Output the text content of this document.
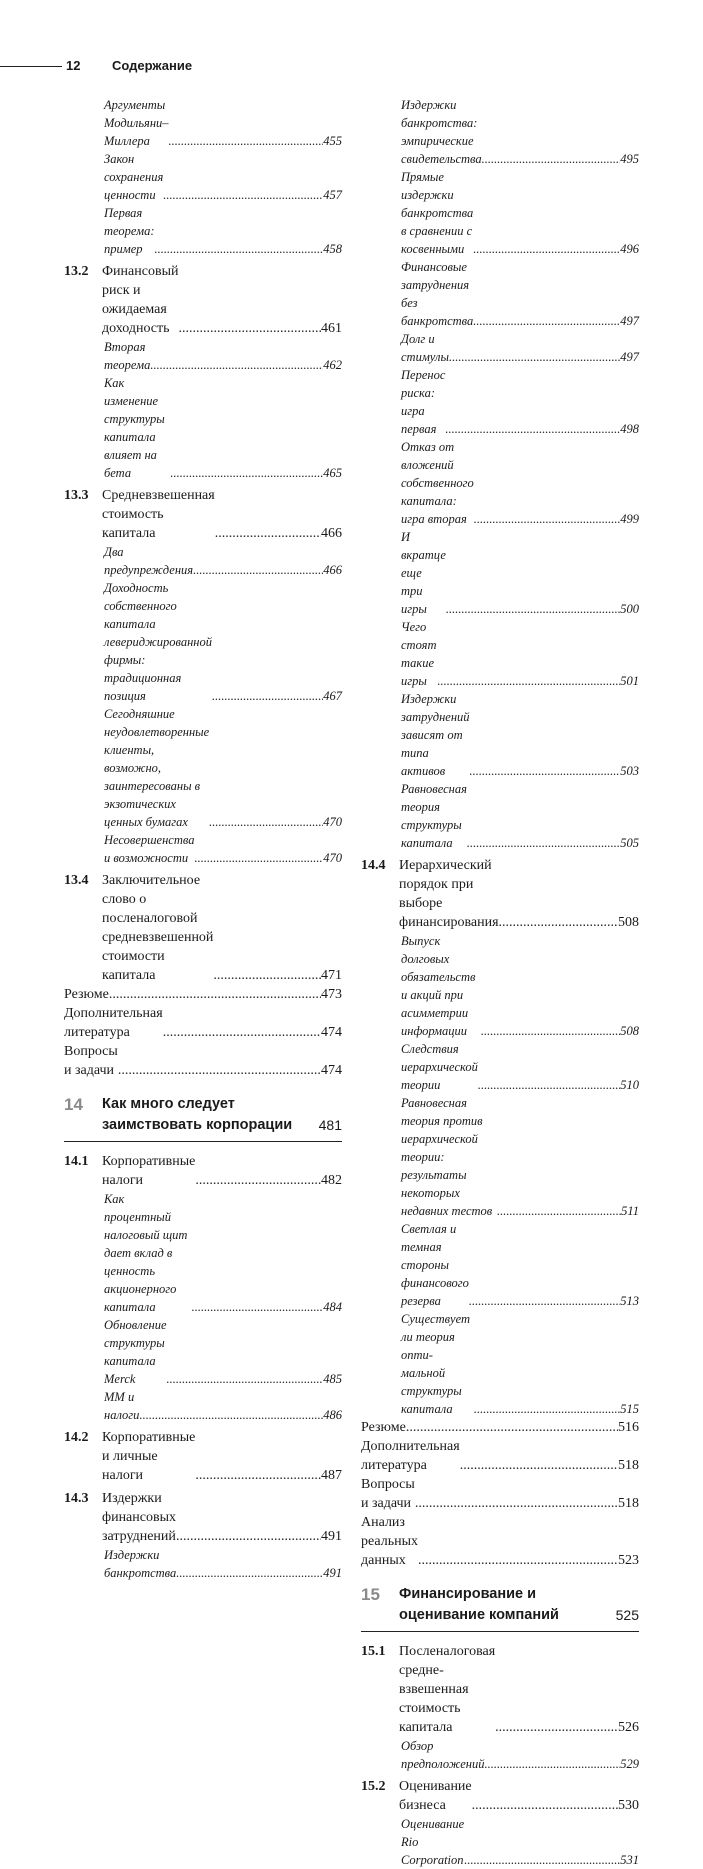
12 Содержание
Аргументы Модильяни–Миллера .....	455
Закон сохранения ценности .....	457
Первая теорема: пример .....	458
13.2 Финансовый риск и ожидаемая доходность .....	461
Вторая теорема .....	462
Как изменение структуры капитала влияет на бета .....	465
13.3 Средневзвешенная стоимость капитала .....	466
Два предупреждения .....	466
Доходность собственного капитала левериджированной фирмы: традиционная позиция .....	467
Сегодняшние неудовлетворенные клиенты, возможно, заинтересованы в экзотических ценных бумагах .....	470
Несовершенства и возможности .....	470
13.4 Заключительное слово о посленалоговой средневзвешенной стоимости капитала .....	471
Резюме .....	473
Дополнительная литература .....	474
Вопросы и задачи .....	474
14	Как много следует заимствовать корпорации	481
14.1 Корпоративные налоги .....	482
Как процентный налоговый щит дает вклад в ценность акционерного капитала .....	484
Обновление структуры капитала Merck .....	485
ММ и налоги .....	486
14.2 Корпоративные и личные налоги .....	487
14.3 Издержки финансовых затруднений .....	491
Издержки банкротства .....	491
Издержки банкротства: эмпирические свидетельства .....	495
Прямые издержки банкротства в сравнении с косвенными .....	496
Финансовые затруднения без банкротства .....	497
Долг и стимулы .....	497
Перенос риска: игра первая .....	498
Отказ от вложений собственного капитала: игра вторая .....	499
И вкратце еще три игры .....	500
Чего стоят такие игры .....	501
Издержки затруднений зависят от типа активов .....	503
Равновесная теория структуры капитала .....	505
14.4 Иерархический порядок при выборе финансирования .....	508
Выпуск долговых обязательств и акций при асимметрии информации .....	508
Следствия иерархической теории .....	510
Равновесная теория против иерархической теории: результаты некоторых недавних тестов .....	511
Светлая и темная стороны финансового резерва .....	513
Существует ли теория опти-мальной структуры капитала .....	515
Резюме .....	516
Дополнительная литература .....	518
Вопросы и задачи .....	518
Анализ реальных данных .....	523
15	Финансирование и оценивание компаний	525
15.1 Посленалоговая средне-взвешенная стоимость капитала .....	526
Обзор предположений .....	529
15.2 Оценивание бизнеса .....	530
Оценивание Rio Corporation .....	531
